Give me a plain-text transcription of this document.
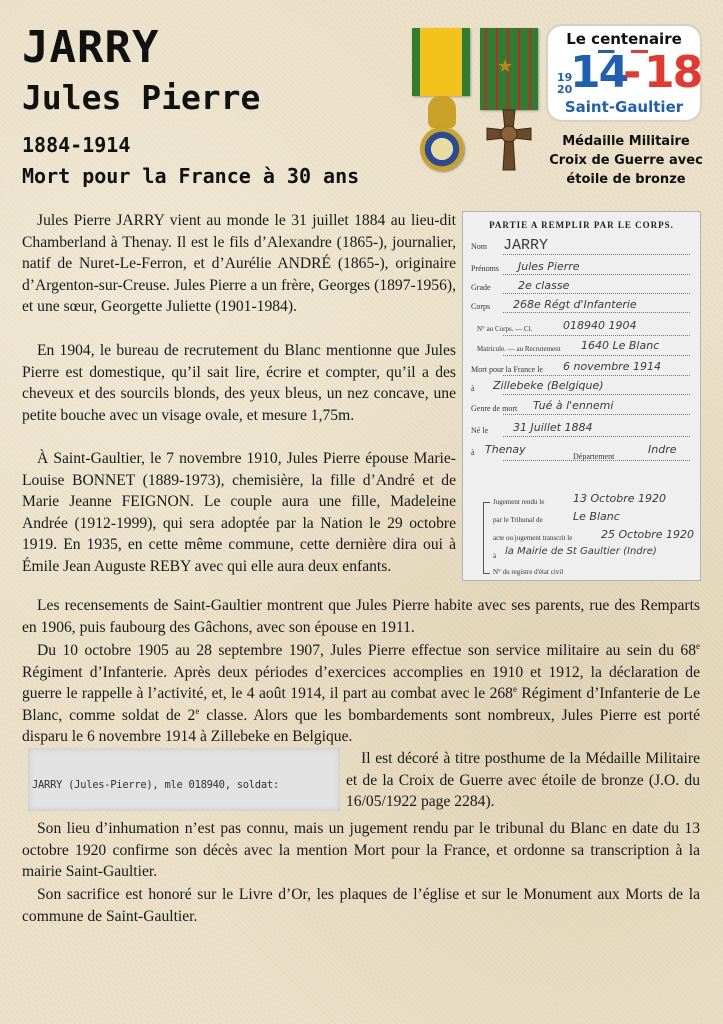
JARRY
Jules Pierre
1884-1914
Mort pour la France à 30 ans
★
Le centenaire
19
20
14
- 18
Saint-Gaultier
Médaille Militaire
Croix de Guerre avec
étoile de bronze

Jules Pierre JARRY vient au monde le 31 juillet 1884 au lieu-dit Chamberland à Thenay. Il est le fils d’Alexandre (1865-), journalier, natif de Nuret-Le-Ferron, et d’Aurélie ANDRÉ (1865-), originaire d’Argenton-sur-Creuse. Jules Pierre a un frère, Georges (1897-1956), et une sœur, Georgette Juliette (1901-1984).

En 1904, le bureau de recrutement du Blanc mentionne que Jules Pierre est domestique, qu’il sait lire, écrire et compter, qu’il a des cheveux et des sourcils blonds, des yeux bleus, un nez concave, une petite bouche avec un visage ovale, et mesure 1,75m.

À Saint-Gaultier, le 7 novembre 1910, Jules Pierre épouse Marie-Louise BONNET (1889-1973), chemisière, la fille d’André et de Marie Jeanne FEIGNON. Le couple aura une fille, Madeleine Andrée (1912-1999), qui sera adoptée par la Nation le 29 octobre 1919. En 1935, en cette même commune, cette dernière dira oui à Émile Jean Auguste REBY avec qui elle aura deux enfants.

PARTIE A REMPLIR PAR LE CORPS.
Nom JARRY
Prénoms Jules Pierre
Grade 2e classe
Corps 268e Régt d'Infanterie
N° au Corps. — Cl.	018940 1904
Matricule. — au Recrutement 1640 Le Blanc
Mort pour la France le 6 novembre 1914
à Zillebeke (Belgique)
Genre de mort Tué à l'ennemi
Né le 31 Juillet 1884
à Thenay
Département
Indre
Jugement rendu le	13 Octobre 1920
par le Tribunal de	Le Blanc
acte ou jugement transcrit le	25 Octobre 1920
à la Mairie de St Gaultier (Indre)
N° du registre d'état civil

Les recensements de Saint-Gaultier montrent que Jules Pierre habite avec ses parents, rue des Remparts en 1906, puis faubourg des Gâchons, avec son épouse en 1911.

Du 10 octobre 1905 au 28 septembre 1907, Jules Pierre effectue son service militaire au sein du 68e Régiment d’Infanterie. Après deux périodes d’exercices accomplies en 1910 et 1912, la déclaration de guerre le rappelle à l’activité, et, le 4 août 1914, il part au combat avec le 268e Régiment d’Infanterie de Le Blanc, comme soldat de 2e classe. Alors que les bombardements sont nombreux, Jules Pierre est porté disparu le 6 novembre 1914 à Zillebeke en Belgique.

JARRY (Jules-Pierre), mle 018940, soldat:

Il est décoré à titre posthume de la Médaille Militaire et de la Croix de Guerre avec étoile de bronze (J.O. du 16/05/1922 page 2284).

Son lieu d’inhumation n’est pas connu, mais un jugement rendu par le tribunal du Blanc en date du 13 octobre 1920 confirme son décès avec la mention Mort pour la France, et ordonne sa transcription à la mairie Saint-Gaultier.

Son sacrifice est honoré sur le Livre d’Or, les plaques de l’église et sur le Monument aux Morts de la commune de Saint-Gaultier.
